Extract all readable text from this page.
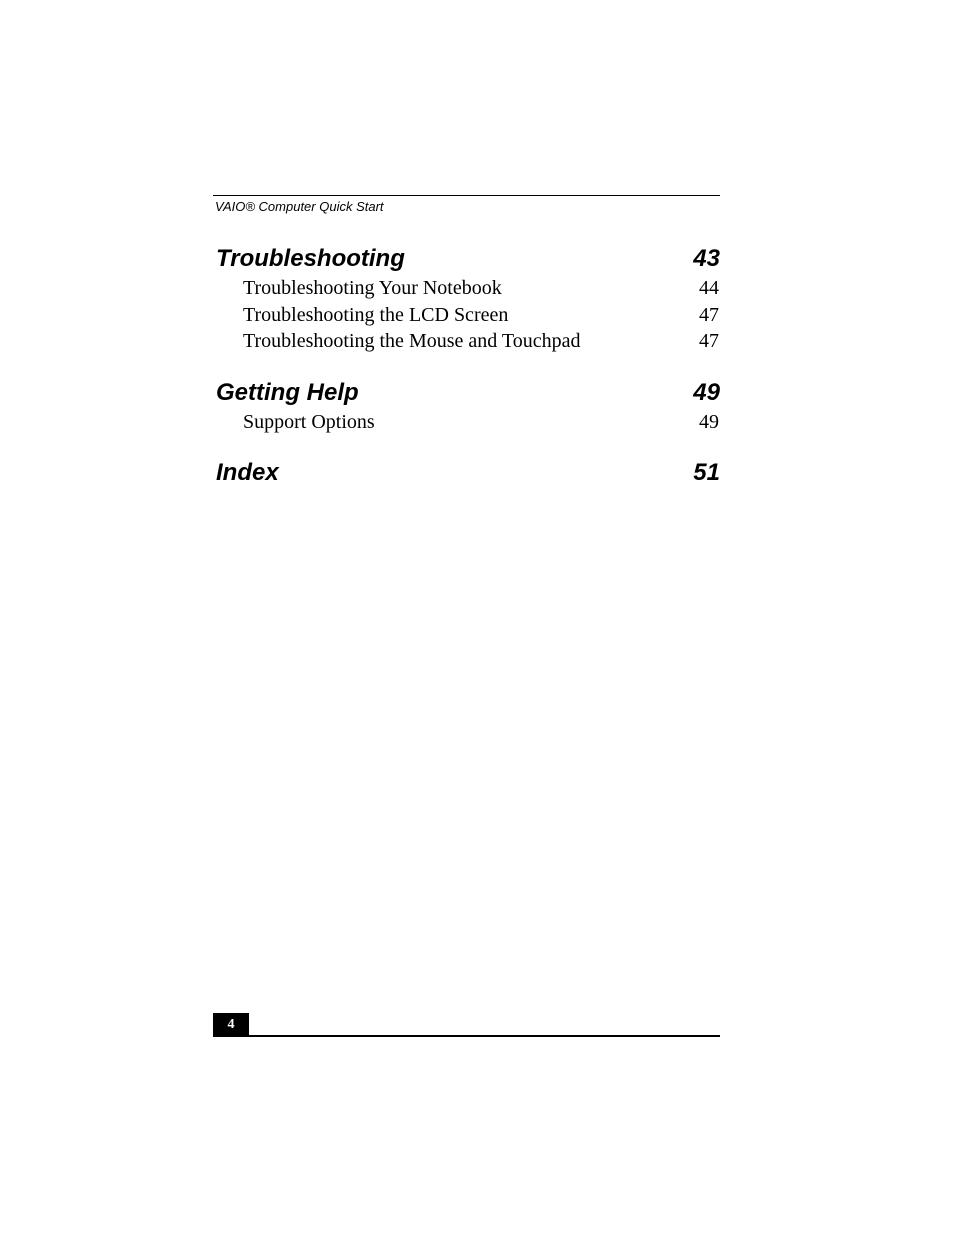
VAIO® Computer Quick Start
Troubleshooting	43
Troubleshooting Your Notebook	44
Troubleshooting the LCD Screen	47
Troubleshooting the Mouse and Touchpad	47
Getting Help	49
Support Options	49
Index	51
4
